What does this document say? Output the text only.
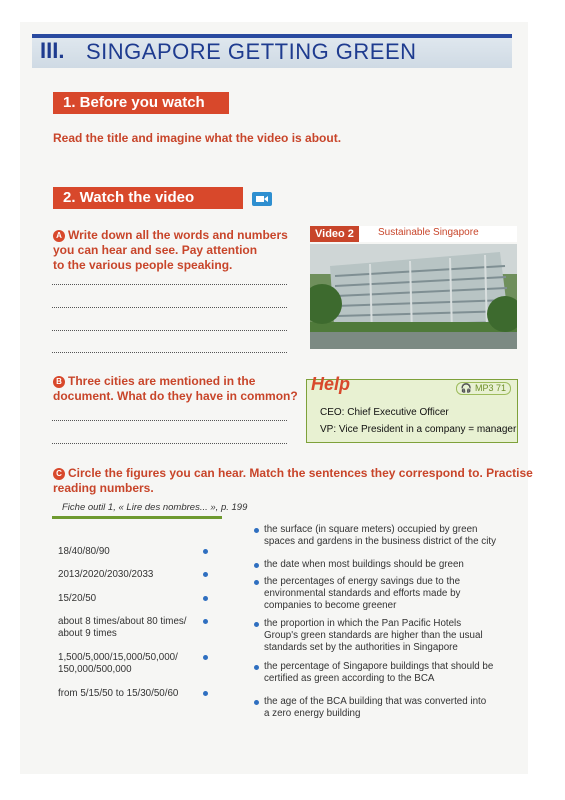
III. SINGAPORE GETTING GREEN
1. Before you watch
Read the title and imagine what the video is about.
2. Watch the video
A Write down all the words and numbers
you can hear and see. Pay attention
to the various people speaking.
Video 2	Sustainable Singapore
B Three cities are mentioned in the
document. What do they have in common?
Help	🎧 MP3 71
CEO: Chief Executive Officer
VP: Vice President in a company = manager
C Circle the figures you can hear. Match the sentences they correspond to. Practise
reading numbers.
Fiche outil 1, « Lire des nombres... », p. 199
18/40/80/90
2013/2020/2030/2033
15/20/50
about 8 times/about 80 times/
about 9 times
1,500/5,000/15,000/50,000/
150,000/500,000
from 5/15/50 to 15/30/50/60
the surface (in square meters) occupied by green
spaces and gardens in the business district of the city
the date when most buildings should be green
the percentages of energy savings due to the
environmental standards and efforts made by
companies to become greener
the proportion in which the Pan Pacific Hotels
Group's green standards are higher than the usual
standards set by the authorities in Singapore
the percentage of Singapore buildings that should be
certified as green according to the BCA
the age of the BCA building that was converted into
a zero energy building
